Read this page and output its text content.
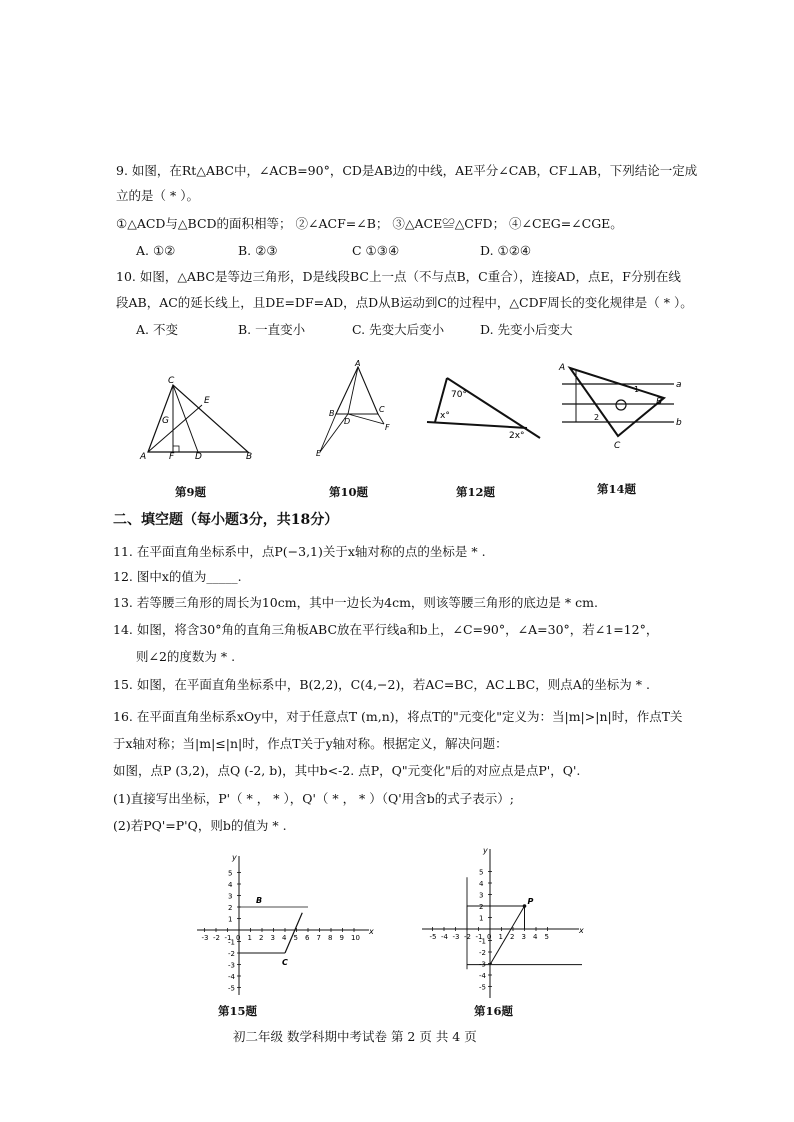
9. 如图，在Rt△ABC中，∠ACB=90°，CD是AB边的中线，AE平分∠CAB，CF⊥AB，下列结论一定成
立的是（ * ）。
①△ACD与△BCD的面积相等； ②∠ACF=∠B； ③△ACE≌△CFD； ④∠CEG=∠CGE。
A. ①②	B. ②③	C ①③④	D. ①②④
10. 如图，△ABC是等边三角形，D是线段BC上一点（不与点B，C重合），连接AD，点E，F分别在线
段AB，AC的延长线上，且DE=DF=AD，点D从B运动到C的过程中，△CDF周长的变化规律是（ * ）。
A. 不变	B. 一直变小	C. 先变大后变小	D. 先变小后变大
C
E
G
A	F D	B
第9题
A
B
D
C
F
E
第10题
70°
x°
2x°
第12题
A
B
C
a
b
1
2
第14题
二、填空题（每小题3分，共18分）
11. 在平面直角坐标系中，点P(−3,1)关于x轴对称的点的坐标是 * .
12. 图中x的值为_____.
13. 若等腰三角形的周长为10cm，其中一边长为4cm，则该等腰三角形的底边是 * cm.
14. 如图，将含30°角的直角三角板ABC放在平行线a和b上，∠C=90°，∠A=30°，若∠1=12°，
则∠2的度数为 * .
15. 如图，在平面直角坐标系中，B(2,2)，C(4,−2)，若AC=BC，AC⊥BC，则点A的坐标为 * .
16. 在平面直角坐标系xOy中，对于任意点T (m,n)，将点T的"元变化"定义为：当|m|>|n|时，作点T关
于x轴对称；当|m|≤|n|时，作点T关于y轴对称。根据定义，解决问题：
如图，点P (3,2)，点Q (-2, b)，其中b<-2. 点P，Q"元变化"后的对应点是点P'，Q'.
(1)直接写出坐标，P'（ * ， * ），Q'（ * ， * ）（Q'用含b的式子表示）;
(2)若PQ'=P'Q，则b的值为 * .
x
y
-3 -2 -1 0 1 2 3 4 5 6 7 8 9 10
5
4
3
2
1
-1
-2
-3
-4
-5
B
C
第15题
x
y
-5 -4 -3 -2 -1 0 1 2 3 4 5
5
4
3
2
1
-1
-2
-3
-4
-5
P
第16题
初二年级 数学科期中考试卷 第 2 页 共 4 页
